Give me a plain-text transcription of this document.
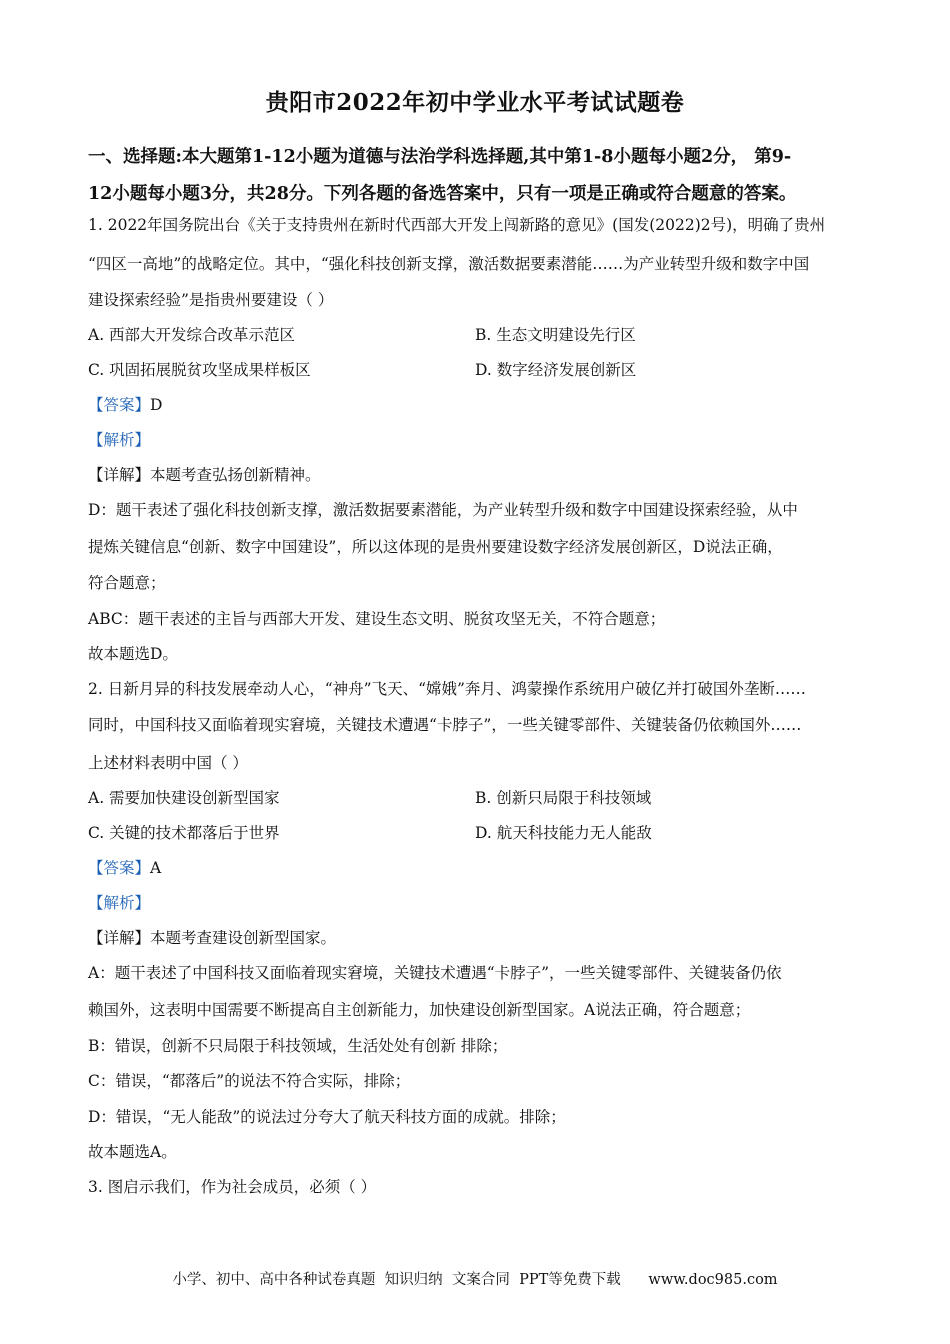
贵阳市2022年初中学业水平考试试题卷
一、选择题:本大题第1-12小题为道德与法治学科选择题,其中第1-8小题每小题2分， 第9-
12小题每小题3分，共28分。下列各题的备选答案中，只有一项是正确或符合题意的答案。
1. 2022年国务院出台《关于支持贵州在新时代西部大开发上闯新路的意见》(国发(2022)2号)，明确了贵州
“四区一高地”的战略定位。其中，“强化科技创新支撑，激活数据要素潜能……为产业转型升级和数字中国
建设探索经验”是指贵州要建设（ ）
A. 西部大开发综合改革示范区	B. 生态文明建设先行区
C. 巩固拓展脱贫攻坚成果样板区	D. 数字经济发展创新区
【答案】D
【解析】
【详解】本题考查弘扬创新精神。
D：题干表述了强化科技创新支撑，激活数据要素潜能，为产业转型升级和数字中国建设探索经验，从中
提炼关键信息“创新、数字中国建设”，所以这体现的是贵州要建设数字经济发展创新区，D说法正确，
符合题意；
ABC：题干表述的主旨与西部大开发、建设生态文明、脱贫攻坚无关，不符合题意；
故本题选D。
2. 日新月异的科技发展牵动人心，“神舟”飞天、“嫦娥”奔月、鸿蒙操作系统用户破亿并打破国外垄断……
同时，中国科技又面临着现实窘境，关键技术遭遇“卡脖子”，一些关键零部件、关键装备仍依赖国外……
上述材料表明中国（ ）
A. 需要加快建设创新型国家	B. 创新只局限于科技领域
C. 关键的技术都落后于世界	D. 航天科技能力无人能敌
【答案】A
【解析】
【详解】本题考查建设创新型国家。
A：题干表述了中国科技又面临着现实窘境，关键技术遭遇“卡脖子”，一些关键零部件、关键装备仍依
赖国外，这表明中国需要不断提高自主创新能力，加快建设创新型国家。A说法正确，符合题意；
B：错误，创新不只局限于科技领域，生活处处有创新 排除；
C：错误，“都落后”的说法不符合实际，排除；
D：错误，“无人能敌”的说法过分夸大了航天科技方面的成就。排除；
故本题选A。
3. 图启示我们，作为社会成员，必须（ ）
小学、初中、高中各种试卷真题  知识归纳  文案合同  PPT等免费下载      www.doc985.com
